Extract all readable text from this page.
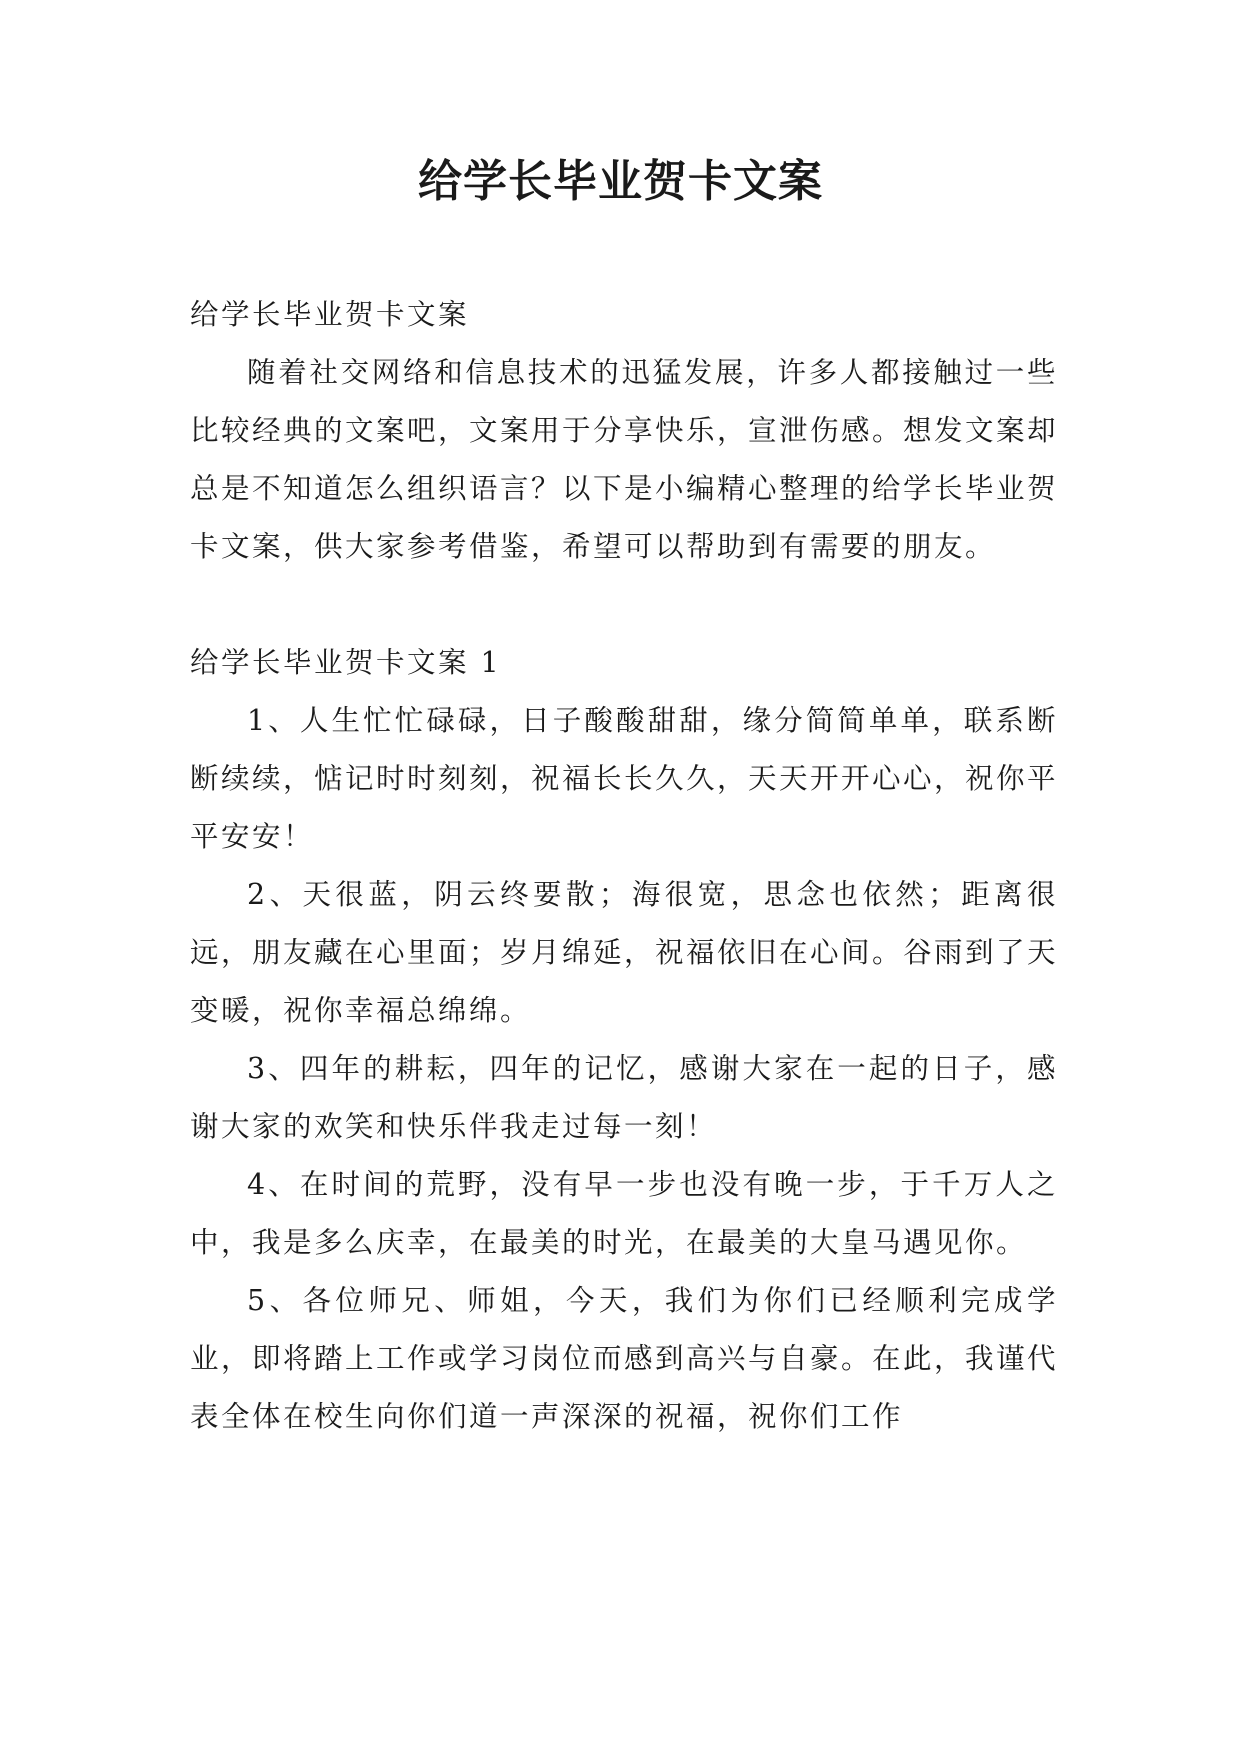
给学长毕业贺卡文案

给学长毕业贺卡文案

随着社交网络和信息技术的迅猛发展，许多人都接触过一些比较经典的文案吧，文案用于分享快乐，宣泄伤感。想发文案却总是不知道怎么组织语言？以下是小编精心整理的给学长毕业贺卡文案，供大家参考借鉴，希望可以帮助到有需要的朋友。

给学长毕业贺卡文案 1

1、人生忙忙碌碌，日子酸酸甜甜，缘分简简单单，联系断断续续，惦记时时刻刻，祝福长长久久，天天开开心心，祝你平平安安！

2、天很蓝，阴云终要散；海很宽，思念也依然；距离很远，朋友藏在心里面；岁月绵延，祝福依旧在心间。谷雨到了天变暖，祝你幸福总绵绵。

3、四年的耕耘，四年的记忆，感谢大家在一起的日子，感谢大家的欢笑和快乐伴我走过每一刻！

4、在时间的荒野，没有早一步也没有晚一步，于千万人之中，我是多么庆幸，在最美的时光，在最美的大皇马遇见你。

5、各位师兄、师姐，今天，我们为你们已经顺利完成学业，即将踏上工作或学习岗位而感到高兴与自豪。在此，我谨代表全体在校生向你们道一声深深的祝福，祝你们工作
